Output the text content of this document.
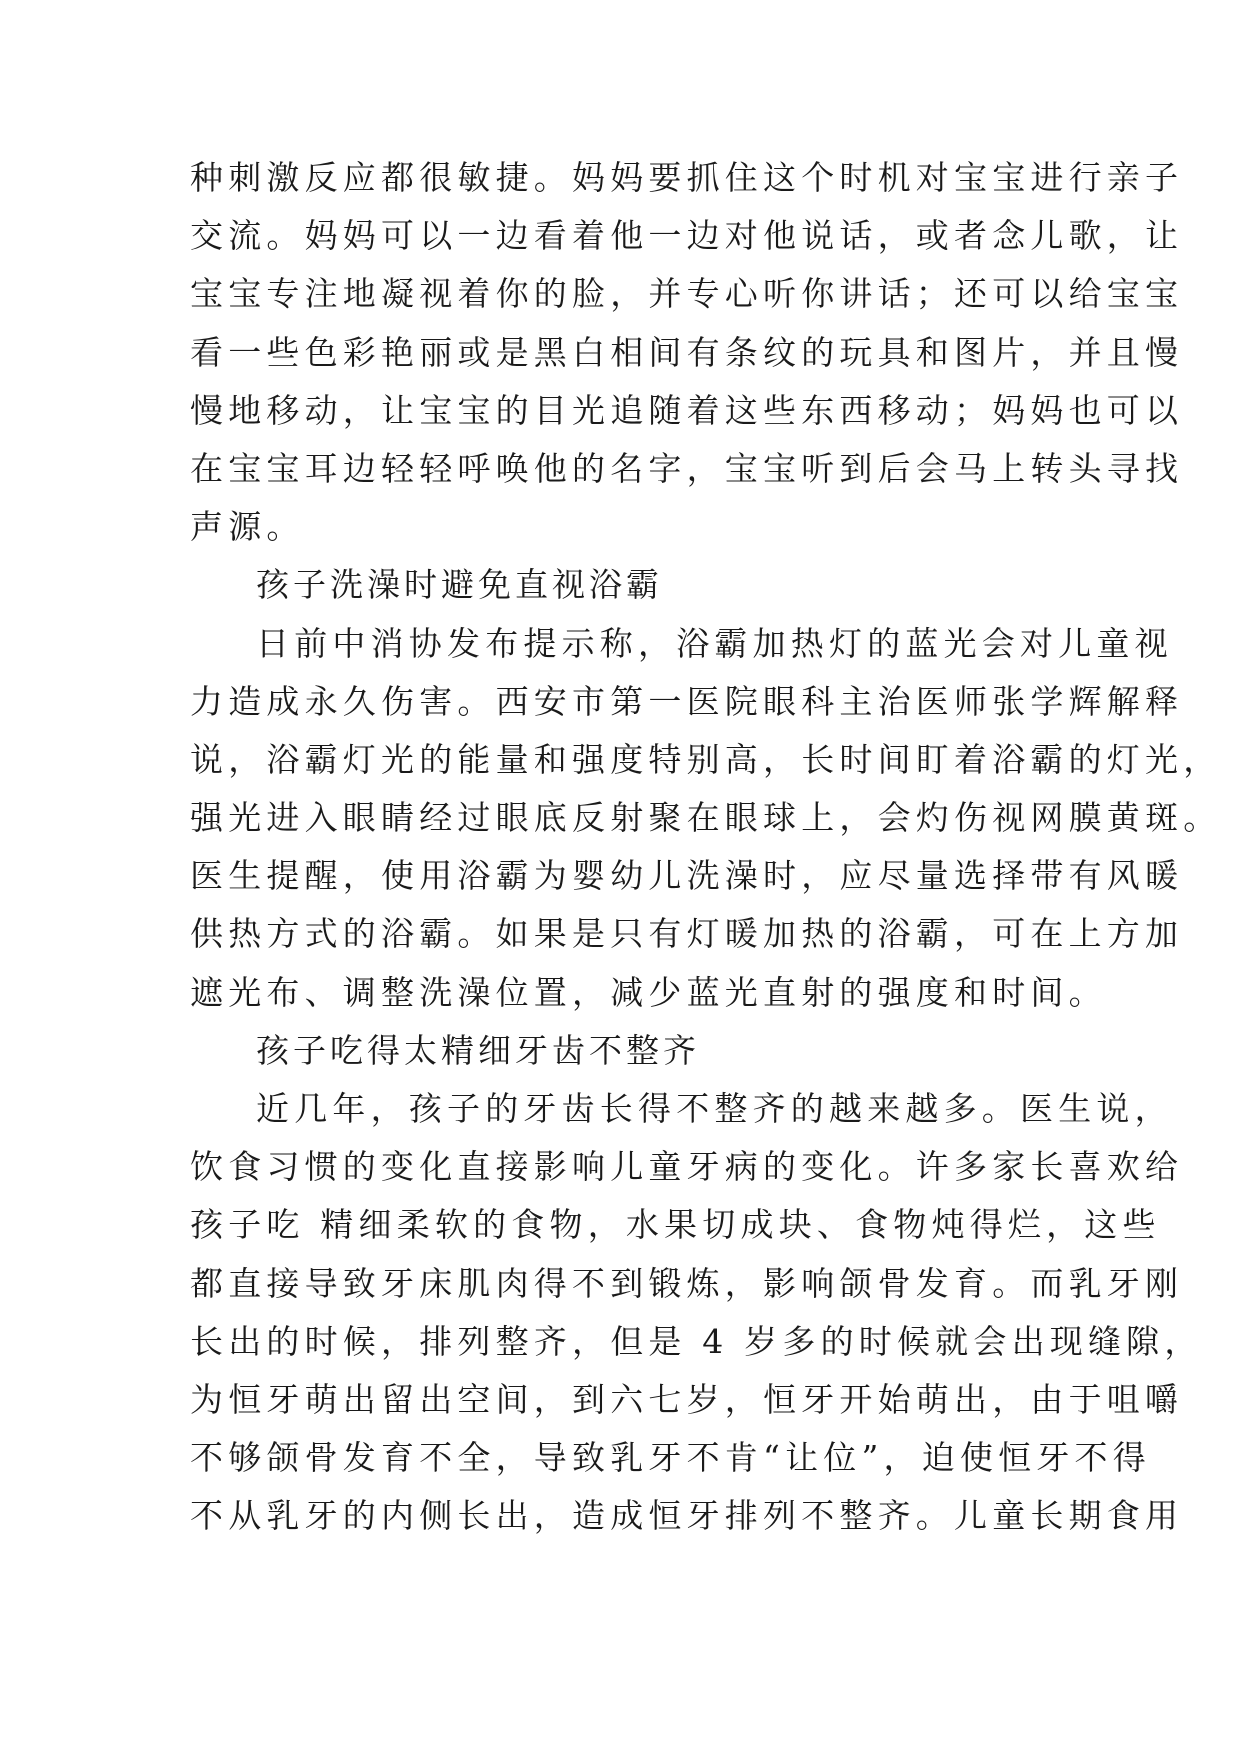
种刺激反应都很敏捷。妈妈要抓住这个时机对宝宝进行亲子
交流。妈妈可以一边看着他一边对他说话，或者念儿歌，让
宝宝专注地凝视着你的脸，并专心听你讲话；还可以给宝宝
看一些色彩艳丽或是黑白相间有条纹的玩具和图片，并且慢
慢地移动，让宝宝的目光追随着这些东西移动；妈妈也可以
在宝宝耳边轻轻呼唤他的名字，宝宝听到后会马上转头寻找
声源。
孩子洗澡时避免直视浴霸
日前中消协发布提示称，浴霸加热灯的蓝光会对儿童视
力造成永久伤害。西安市第一医院眼科主治医师张学辉解释
说，浴霸灯光的能量和强度特别高，长时间盯着浴霸的灯光，
强光进入眼睛经过眼底反射聚在眼球上，会灼伤视网膜黄斑。
医生提醒，使用浴霸为婴幼儿洗澡时，应尽量选择带有风暖
供热方式的浴霸。如果是只有灯暖加热的浴霸，可在上方加
遮光布、调整洗澡位置，减少蓝光直射的强度和时间。
孩子吃得太精细牙齿不整齐
近几年，孩子的牙齿长得不整齐的越来越多。医生说，
饮食习惯的变化直接影响儿童牙病的变化。许多家长喜欢给
孩子吃 精细柔软的食物，水果切成块、食物炖得烂，这些
都直接导致牙床肌肉得不到锻炼，影响颌骨发育。而乳牙刚
长出的时候，排列整齐，但是 4 岁多的时候就会出现缝隙，
为恒牙萌出留出空间，到六七岁，恒牙开始萌出，由于咀嚼
不够颌骨发育不全，导致乳牙不肯“让位”，迫使恒牙不得
不从乳牙的内侧长出，造成恒牙排列不整齐。儿童长期食用
